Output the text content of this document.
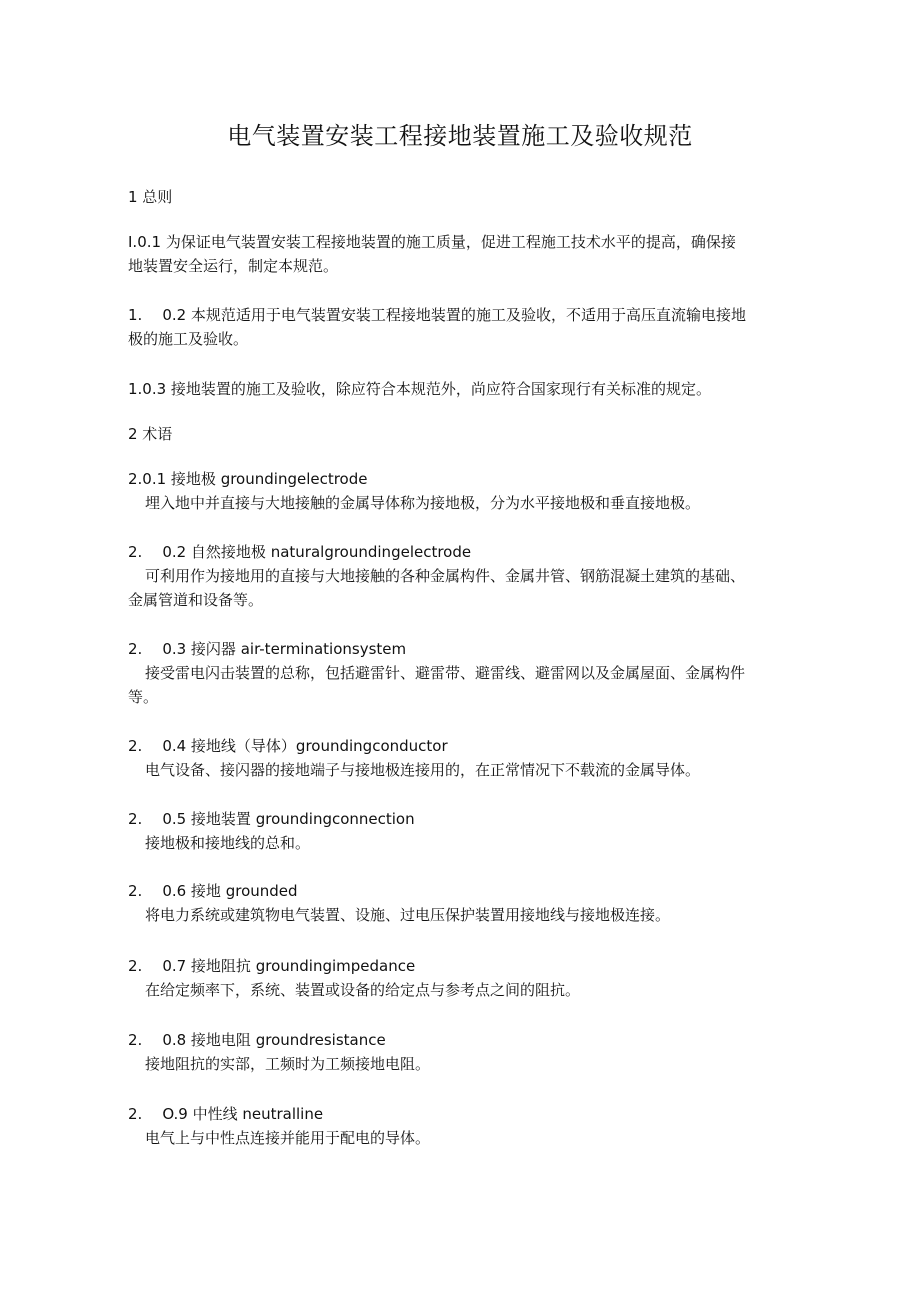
电气装置安装工程接地装置施工及验收规范
1 总则
I.0.1 为保证电气装置安装工程接地装置的施工质量，促进工程施工技术水平的提高，确保接
地装置安全运行，制定本规范。
1. 0.2 本规范适用于电气装置安装工程接地装置的施工及验收，不适用于高压直流输电接地
极的施工及验收。
1.0.3 接地装置的施工及验收，除应符合本规范外，尚应符合国家现行有关标准的规定。
2 术语
2.0.1 接地极 groundingelectrode
埋入地中并直接与大地接触的金属导体称为接地极，分为水平接地极和垂直接地极。
2. 0.2 自然接地极 naturalgroundingelectrode
可利用作为接地用的直接与大地接触的各种金属构件、金属井管、钢筋混凝土建筑的基础、
金属管道和设备等。
2. 0.3 接闪器 air-terminationsystem
接受雷电闪击装置的总称，包括避雷针、避雷带、避雷线、避雷网以及金属屋面、金属构件
等。
2. 0.4 接地线（导体）groundingconductor
电气设备、接闪器的接地端子与接地极连接用的，在正常情况下不载流的金属导体。
2. 0.5 接地装置 groundingconnection
接地极和接地线的总和。
2. 0.6 接地 grounded
将电力系统或建筑物电气装置、设施、过电压保护装置用接地线与接地极连接。
2. 0.7 接地阻抗 groundingimpedance
在给定频率下，系统、装置或设备的给定点与参考点之间的阻抗。
2. 0.8 接地电阻 groundresistance
接地阻抗的实部，工频时为工频接地电阻。
2. O.9 中性线 neutralline
电气上与中性点连接并能用于配电的导体。
